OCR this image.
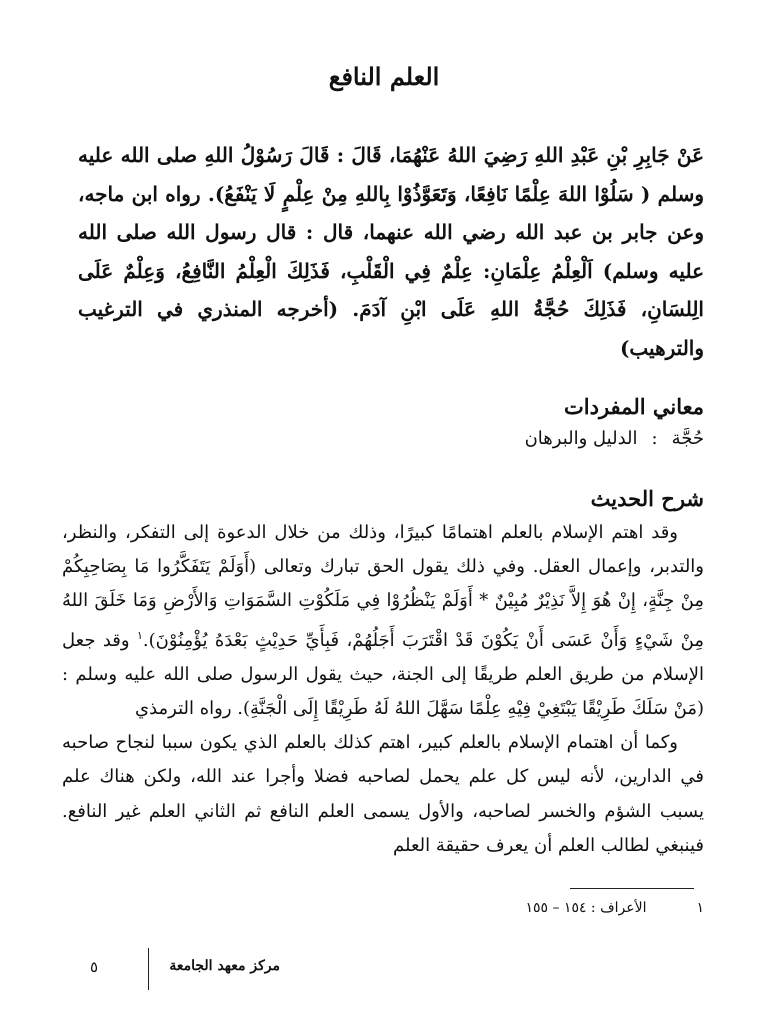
العلم النافع

عَنْ جَابِرِ بْنِ عَبْدِ اللهِ رَضِيَ اللهُ عَنْهُمَا، قَالَ : قَالَ رَسُوْلُ اللهِ صلى الله عليه وسلم ( سَلُوْا اللهَ عِلْمًا نَافِعًا، وَتَعَوَّذُوْا بِاللهِ مِنْ عِلْمٍ لَا يَنْفَعُ). رواه ابن ماجه، وعن جابر بن عبد الله رضي الله عنهما، قال : قال رسول الله صلى الله عليه وسلم) اَلْعِلْمُ عِلْمَانِ: عِلْمٌ فِي الْقَلْبِ، فَذَلِكَ الْعِلْمُ النَّافِعُ، وَعِلْمٌ عَلَى الِلسَانِ، فَذَلِكَ حُجَّةُ اللهِ عَلَى ابْنِ آدَمَ. (أخرجه المنذري في الترغيب والترهيب)

معاني المفردات
حُجَّة
:
الدليل والبرهان
شرح الحديث

وقد اهتم الإسلام بالعلم اهتمامًا كبيرًا، وذلك من خلال الدعوة إلى التفكر، والنظر، والتدبر، وإعمال العقل. وفي ذلك يقول الحق تبارك وتعالى (أَوَلَمْ يَتَفَكَّرُوا مَا بِصَاحِبِكُمْ مِنْ جِنَّةٍ، إِنْ هُوَ إِلاَّ نَذِيْرٌ مُبِيْنٌ * أَوَلَمْ يَنْظُرُوْا فِي مَلَكُوْتِ السَّمَوَاتِ وَالأَرْضِ وَمَا خَلَقَ اللهُ مِنْ شَيْءٍ وَأَنْ عَسَى أَنْ يَكُوْنَ قَدْ اقْتَرَبَ أَجَلُهُمْ، فَبِأَيِّ حَدِيْثٍ بَعْدَهُ يُؤْمِنُوْنَ).$^١$ وقد جعل الإسلام من طريق العلم طريقًا إلى الجنة، حيث يقول الرسول صلى الله عليه وسلم :(مَنْ سَلَكَ طَرِيْقًا يَبْتَغِيْ فِيْهِ عِلْمًا سَهَّلَ اللهُ لَهُ طَرِيْقًا إِلَى الْجَنَّةِ). رواه الترمذي

وكما أن اهتمام الإسلام بالعلم كبير، اهتم كذلك بالعلم الذي يكون سببا لنجاح صاحبه في الدارين، لأنه ليس كل علم يحمل لصاحبه فضلا وأجرا عند الله، ولكن هناك علم يسبب الشؤم والخسر لصاحبه، والأول يسمى العلم النافع ثم الثاني العلم غير النافع. فينبغي لطالب العلم أن يعرف حقيقة العلم

١
الأعراف : ١٥٤ – ١٥٥
مركز معهد الجامعة
٥
